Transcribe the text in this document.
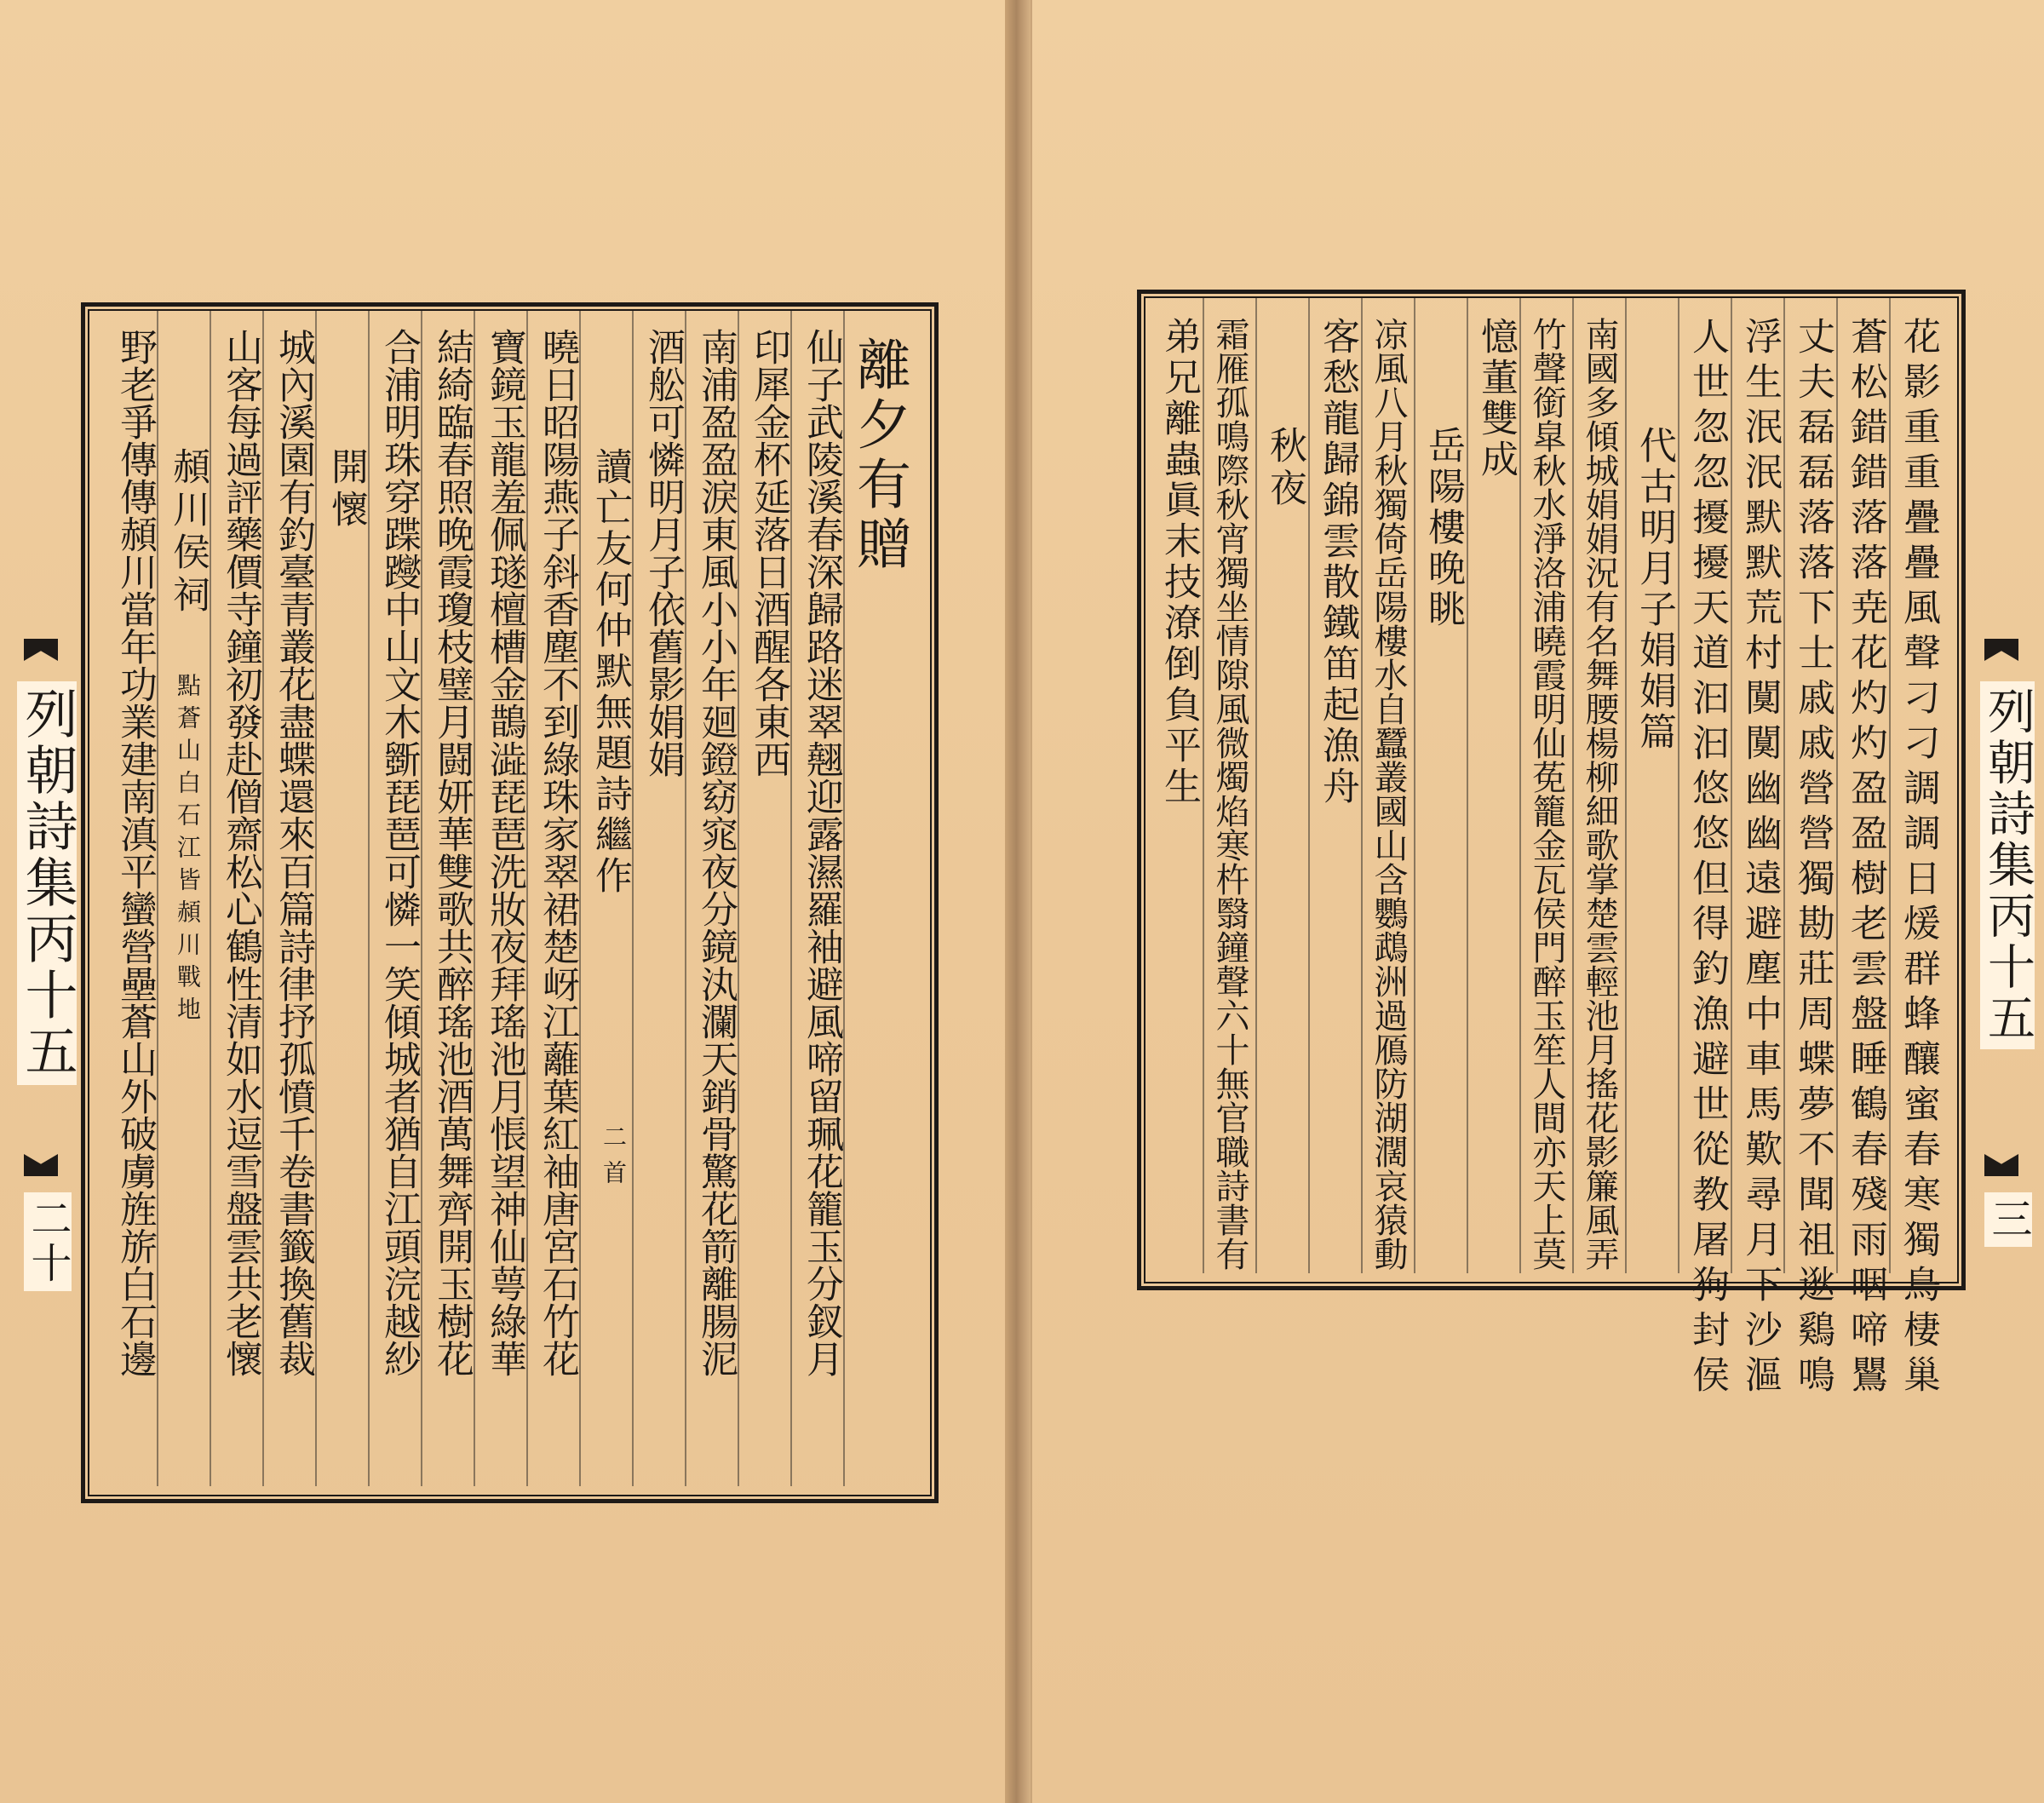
列朝詩集丙十五
二十
列朝詩集丙十五
三
離夕有贈
仙子武陵溪春深歸路迷翠翹迎露濕羅袖避風啼留珮花籠玉分釵月
印犀金杯延落日酒醒各東西
南浦盈盈淚東風小小年廻鐙窈窕夜分鏡汍瀾天銷骨驚花箭離腸泥
酒舩可憐明月子依舊影娟娟
讀亡友何仲默無題詩繼作
二首
曉日昭陽燕子斜香塵不到綠珠家翠裙楚岈江蘺葉紅袖唐宮石竹花
寶鏡玉龍羞佩璲檀槽金鵲澁琵琶洗妝夜拜瑤池月悵望神仙萼綠華
結綺臨春照晚霞瓊枝璧月闘妍華雙歌共醉瑤池酒萬舞齊開玉樹花
合浦明珠穿蹀躞中山文木斵琵琶可憐一笑傾城者猶自江頭浣越紗
開懷
城內溪園有釣臺青叢花盡蝶還來百篇詩律抒孤憤千卷書籤換舊裁
山客每過評藥價寺鐘初發赴僧齋松心鶴性清如水逗雪盤雲共老懷
頳川侯祠
點蒼山白石江皆頳川戰地
野老爭傳傳頳川當年功業建南滇平蠻營壘蒼山外破虜旌旂白石邊	花影重重疊疊風聲刁刁調調日煖群蜂釀蜜春寒獨鳥棲巢
蒼松錯錯落落尭花灼灼盈盈樹老雲盤睡鶴春殘雨咽啼鸎
丈夫磊磊落落下士戚戚營營獨勘莊周蝶夢不聞祖逖鷄鳴
浮生泯泯默默荒村闃闃幽幽遠避塵中車馬歎尋月下沙漚
人世忽忽擾擾天道汩汩悠悠但得釣漁避世從教屠狗封侯
代古明月子娟娟篇
南國多傾城娟娟況有名舞腰楊柳細歌掌楚雲輕池月搖花影簾風弄
竹聲銜皐秋水淨洛浦曉霞明仙莬籠金瓦侯門醉玉笙人間亦天上莫
憶董雙成
岳陽樓晚眺
凉風八月秋獨倚岳陽樓水自蠶叢國山含鸚鵡洲過鴈防湖濶哀猿動
客愁龍歸錦雲散鐵笛起漁舟
秋夜
霜雁孤鳴際秋宵獨坐情隙風微燭焰寒杵翳鐘聲六十無官職詩書有
弟兄離蟲眞末技潦倒負平生
